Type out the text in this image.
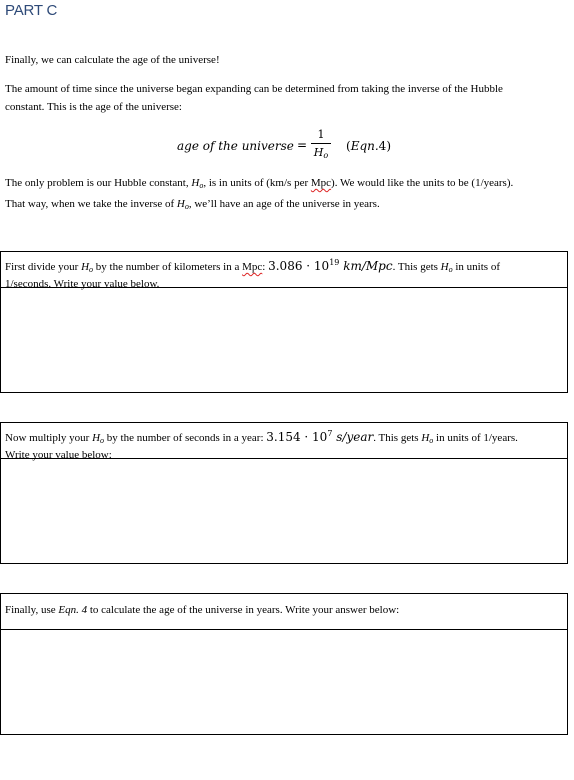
PART C
Finally, we can calculate the age of the universe!
The amount of time since the universe began expanding can be determined from taking the inverse of the Hubble
constant. This is the age of the universe:
age of the universe =
1
$H_o$
(Eqn.4)
The only problem is our Hubble constant, $H_o$, is in units of (km/s per Mpc). We would like the units to be (1/years).
That way, when we take the inverse of $H_o$, we’ll have an age of the universe in years.
First divide your $H_o$ by the number of kilometers in a Mpc: $3.086 \cdot 10^{19}$ km/Mpc. This gets $H_o$ in units of
1/seconds. Write your value below.
Now multiply your $H_o$ by the number of seconds in a year: $3.154 \cdot 10^7$ s/year. This gets $H_o$ in units of 1/years.
Write your value below:
Finally, use Eqn. 4 to calculate the age of the universe in years. Write your answer below:
